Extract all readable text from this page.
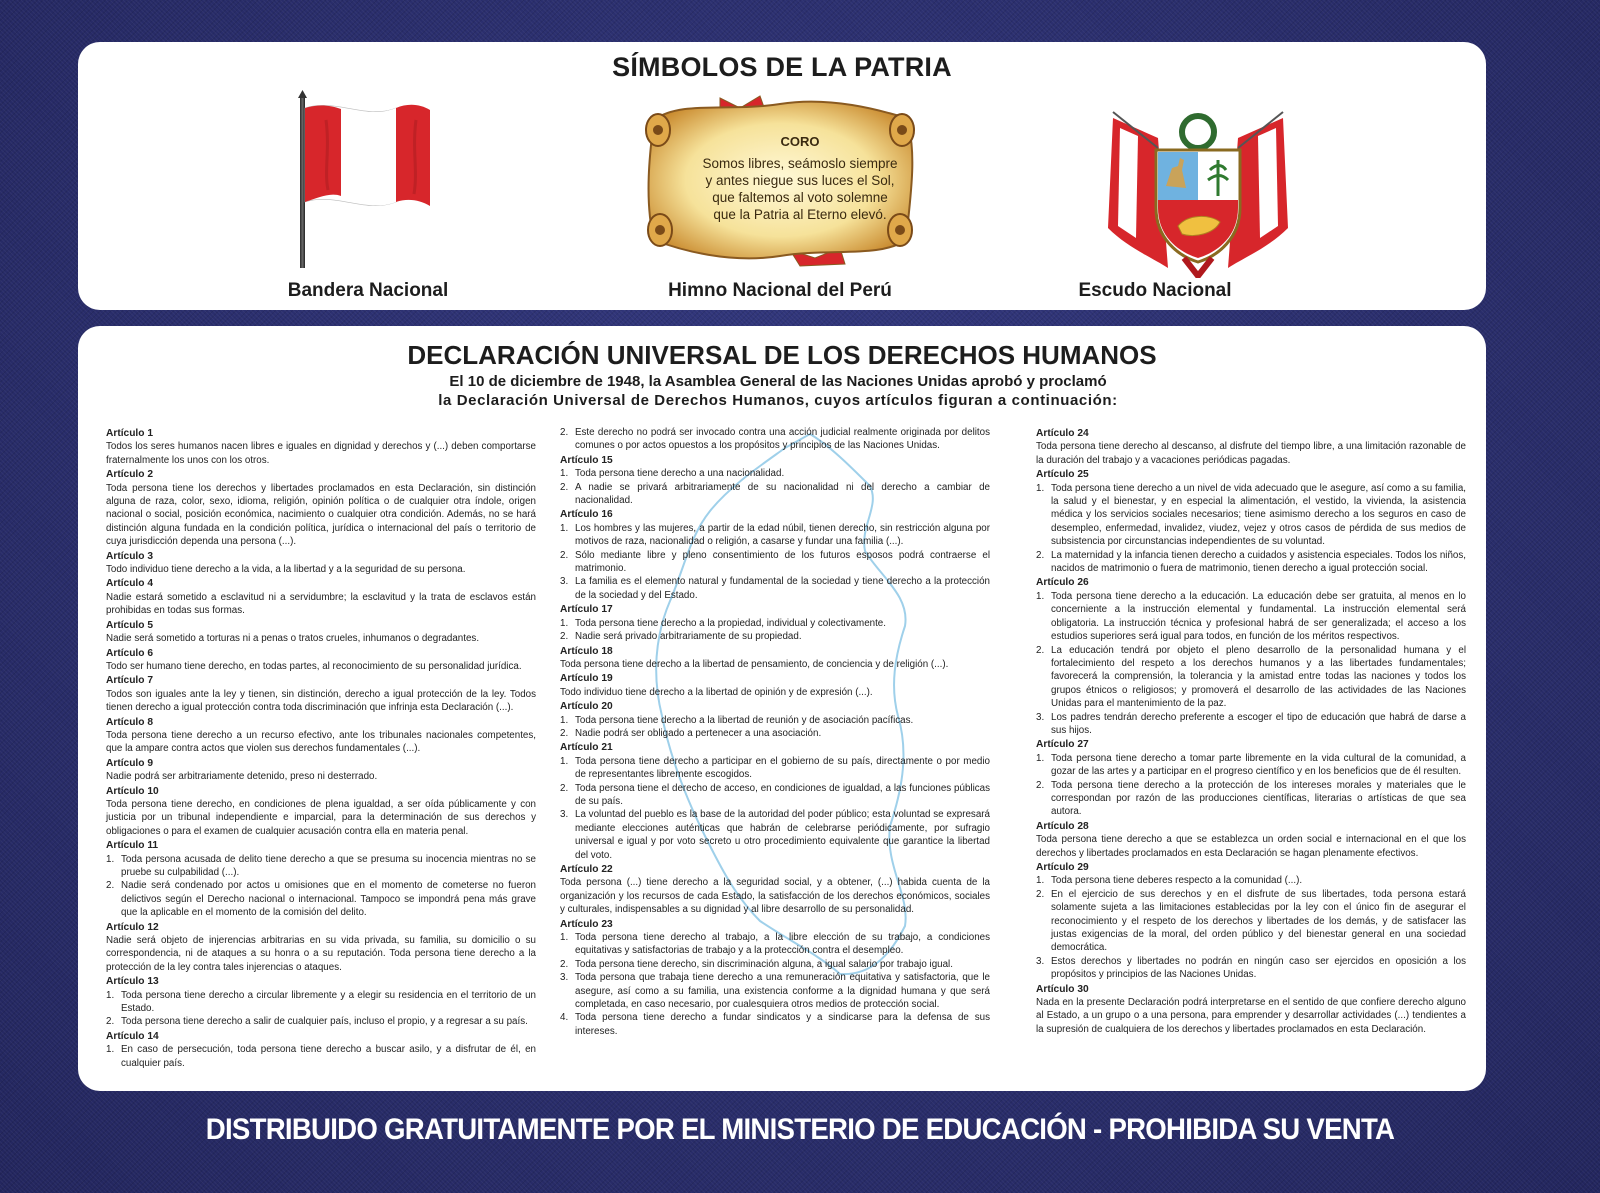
SÍMBOLOS DE LA PATRIA
Bandera Nacional
CORO
Somos libres, seámoslo siempre
y antes niegue sus luces el Sol,
que faltemos al voto solemne
que la Patria al Eterno elevó.
Himno Nacional del Perú	Escudo Nacional
DECLARACIÓN UNIVERSAL DE LOS DERECHOS HUMANOS
El 10 de diciembre de 1948, la Asamblea General de las Naciones Unidas aprobó y proclamó
la Declaración Universal de Derechos Humanos, cuyos artículos figuran a continuación:
Artículo 1
Todos los seres humanos nacen libres e iguales en dignidad y derechos y (...) deben comportarse fraternalmente los unos con los otros.
Artículo 2
Toda persona tiene los derechos y libertades proclamados en esta Declaración, sin distinción alguna de raza, color, sexo, idioma, religión, opinión política o de cualquier otra índole, origen nacional o social, posición económica, nacimiento o cualquier otra condición. Además, no se hará distinción alguna fundada en la condición política, jurídica o internacional del país o territorio de cuya jurisdicción dependa una persona (...).
Artículo 3
Todo individuo tiene derecho a la vida, a la libertad y a la seguridad de su persona.
Artículo 4
Nadie estará sometido a esclavitud ni a servidumbre; la esclavitud y la trata de esclavos están prohibidas en todas sus formas.
Artículo 5
Nadie será sometido a torturas ni a penas o tratos crueles, inhumanos o degradantes.
Artículo 6
Todo ser humano tiene derecho, en todas partes, al reconocimiento de su personalidad jurídica.
Artículo 7
Todos son iguales ante la ley y tienen, sin distinción, derecho a igual protección de la ley. Todos tienen derecho a igual protección contra toda discriminación que infrinja esta Declaración (...).
Artículo 8
Toda persona tiene derecho a un recurso efectivo, ante los tribunales nacionales competentes, que la ampare contra actos que violen sus derechos fundamentales (...).
Artículo 9
Nadie podrá ser arbitrariamente detenido, preso ni desterrado.
Artículo 10
Toda persona tiene derecho, en condiciones de plena igualdad, a ser oída públicamente y con justicia por un tribunal independiente e imparcial, para la determinación de sus derechos y obligaciones o para el examen de cualquier acusación contra ella en materia penal.
Artículo 11
1. Toda persona acusada de delito tiene derecho a que se presuma su inocencia mientras no se pruebe su culpabilidad (...).
2. Nadie será condenado por actos u omisiones que en el momento de cometerse no fueron delictivos según el Derecho nacional o internacional. Tampoco se impondrá pena más grave que la aplicable en el momento de la comisión del delito.
Artículo 12
Nadie será objeto de injerencias arbitrarias en su vida privada, su familia, su domicilio o su correspondencia, ni de ataques a su honra o a su reputación. Toda persona tiene derecho a la protección de la ley contra tales injerencias o ataques.
Artículo 13
1. Toda persona tiene derecho a circular libremente y a elegir su residencia en el territorio de un Estado.
2. Toda persona tiene derecho a salir de cualquier país, incluso el propio, y a regresar a su país.
Artículo 14
1. En caso de persecución, toda persona tiene derecho a buscar asilo, y a disfrutar de él, en cualquier país.
2. Este derecho no podrá ser invocado contra una acción judicial realmente originada por delitos comunes o por actos opuestos a los propósitos y principios de las Naciones Unidas.
Artículo 15
1. Toda persona tiene derecho a una nacionalidad.
2. A nadie se privará arbitrariamente de su nacionalidad ni del derecho a cambiar de nacionalidad.
Artículo 16
1. Los hombres y las mujeres, a partir de la edad núbil, tienen derecho, sin restricción alguna por motivos de raza, nacionalidad o religión, a casarse y fundar una familia (...).
2. Sólo mediante libre y pleno consentimiento de los futuros esposos podrá contraerse el matrimonio.
3. La familia es el elemento natural y fundamental de la sociedad y tiene derecho a la protección de la sociedad y del Estado.
Artículo 17
1. Toda persona tiene derecho a la propiedad, individual y colectivamente.
2. Nadie será privado arbitrariamente de su propiedad.
Artículo 18
Toda persona tiene derecho a la libertad de pensamiento, de conciencia y de religión (...).
Artículo 19
Todo individuo tiene derecho a la libertad de opinión y de expresión (...).
Artículo 20
1. Toda persona tiene derecho a la libertad de reunión y de asociación pacíficas.
2. Nadie podrá ser obligado a pertenecer a una asociación.
Artículo 21
1. Toda persona tiene derecho a participar en el gobierno de su país, directamente o por medio de representantes libremente escogidos.
2. Toda persona tiene el derecho de acceso, en condiciones de igualdad, a las funciones públicas de su país.
3. La voluntad del pueblo es la base de la autoridad del poder público; esta voluntad se expresará mediante elecciones auténticas que habrán de celebrarse periódicamente, por sufragio universal e igual y por voto secreto u otro procedimiento equivalente que garantice la libertad del voto.
Artículo 22
Toda persona (...) tiene derecho a la seguridad social, y a obtener, (...) habida cuenta de la organización y los recursos de cada Estado, la satisfacción de los derechos económicos, sociales y culturales, indispensables a su dignidad y al libre desarrollo de su personalidad.
Artículo 23
1. Toda persona tiene derecho al trabajo, a la libre elección de su trabajo, a condiciones equitativas y satisfactorias de trabajo y a la protección contra el desempleo.
2. Toda persona tiene derecho, sin discriminación alguna, a igual salario por trabajo igual.
3. Toda persona que trabaja tiene derecho a una remuneración equitativa y satisfactoria, que le asegure, así como a su familia, una existencia conforme a la dignidad humana y que será completada, en caso necesario, por cualesquiera otros medios de protección social.
4. Toda persona tiene derecho a fundar sindicatos y a sindicarse para la defensa de sus intereses.
Artículo 24
Toda persona tiene derecho al descanso, al disfrute del tiempo libre, a una limitación razonable de la duración del trabajo y a vacaciones periódicas pagadas.
Artículo 25
1. Toda persona tiene derecho a un nivel de vida adecuado que le asegure, así como a su familia, la salud y el bienestar, y en especial la alimentación, el vestido, la vivienda, la asistencia médica y los servicios sociales necesarios; tiene asimismo derecho a los seguros en caso de desempleo, enfermedad, invalidez, viudez, vejez y otros casos de pérdida de sus medios de subsistencia por circunstancias independientes de su voluntad.
2. La maternidad y la infancia tienen derecho a cuidados y asistencia especiales. Todos los niños, nacidos de matrimonio o fuera de matrimonio, tienen derecho a igual protección social.
Artículo 26
1. Toda persona tiene derecho a la educación. La educación debe ser gratuita, al menos en lo concerniente a la instrucción elemental y fundamental. La instrucción elemental será obligatoria. La instrucción técnica y profesional habrá de ser generalizada; el acceso a los estudios superiores será igual para todos, en función de los méritos respectivos.
2. La educación tendrá por objeto el pleno desarrollo de la personalidad humana y el fortalecimiento del respeto a los derechos humanos y a las libertades fundamentales; favorecerá la comprensión, la tolerancia y la amistad entre todas las naciones y todos los grupos étnicos o religiosos; y promoverá el desarrollo de las actividades de las Naciones Unidas para el mantenimiento de la paz.
3. Los padres tendrán derecho preferente a escoger el tipo de educación que habrá de darse a sus hijos.
Artículo 27
1. Toda persona tiene derecho a tomar parte libremente en la vida cultural de la comunidad, a gozar de las artes y a participar en el progreso científico y en los beneficios que de él resulten.
2. Toda persona tiene derecho a la protección de los intereses morales y materiales que le correspondan por razón de las producciones científicas, literarias o artísticas de que sea autora.
Artículo 28
Toda persona tiene derecho a que se establezca un orden social e internacional en el que los derechos y libertades proclamados en esta Declaración se hagan plenamente efectivos.
Artículo 29
1. Toda persona tiene deberes respecto a la comunidad (...).
2. En el ejercicio de sus derechos y en el disfrute de sus libertades, toda persona estará solamente sujeta a las limitaciones establecidas por la ley con el único fin de asegurar el reconocimiento y el respeto de los derechos y libertades de los demás, y de satisfacer las justas exigencias de la moral, del orden público y del bienestar general en una sociedad democrática.
3. Estos derechos y libertades no podrán en ningún caso ser ejercidos en oposición a los propósitos y principios de las Naciones Unidas.
Artículo 30
Nada en la presente Declaración podrá interpretarse en el sentido de que confiere derecho alguno al Estado, a un grupo o a una persona, para emprender y desarrollar actividades (...) tendientes a la supresión de cualquiera de los derechos y libertades proclamados en esta Declaración.
DISTRIBUIDO GRATUITAMENTE POR EL MINISTERIO DE EDUCACIÓN - PROHIBIDA SU VENTA
